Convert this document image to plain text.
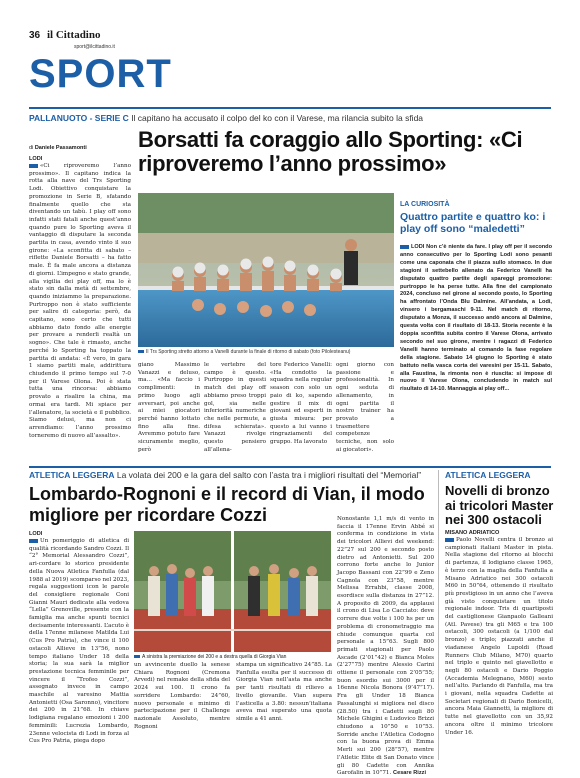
36 il Cittadino
sport@ilcittadino.it
SPORT
PALLANUOTO - SERIE C Il capitano ha accusato il colpo del ko con il Varese, ma rilancia subito la sfida
di Daniele Passamonti Borsatti fa coraggio allo Sporting: «Ci riproveremo l’anno prossimo»
LODI
«Ci riproveremo l’anno prossimo». Il capitano indica la rotta alla nave del Trs Sporting Lodi. Obiettivo conquistare la promozione in Serie B, sfatando finalmente quello che sta diventando un tabù. I play off sono infatti stati fatali anche quest’anno quando pure lo Sporting aveva il vantaggio di disputare la seconda partita in casa, avendo vinto il suo girone: «La sconfitta di sabato – riflette Daniele Borsatti – ha fatto male. È fa male ancora a distanza di giorni. L’impegno e stato grande, alla vigilia dei play off, ma lo è stato sin dalla metà di settembre, quando iniziammo la preparazione. Purtroppo non è stato sufficiente per salire di categoria: però, da capitano, sono certo che tutti abbiamo dato fondo alle energie per provare a renderli realtà un sogno». Che tale è rimasto, anche perché lo Sporting ha toppato la partita di andata: «È vero, in gara 1 siamo partiti male, addirittura chiudendo il primo tempo sul 7-0 per il Varese Olona. Poi è stata tutta una rincorsa: abbiamo provato a risalire la china, ma ormai era tardi. Mi spiace per l’allenatore, la società e il pubblico. Siamo delusi, ma non ci arrendiamo: l’anno prossimo torneremo di nuovo all’assalto».
Il Trs Sporting stretto attorno a Vanelli durante la finale di ritorno di sabato (foto Pilolesteanu)
giano Massimo Vanazzi e deluso, ma... «Ma faccio i complimenti: in primo luogo agli avversari, poi anche ai miei giocatori perché hanno lottato fino alla fine. Avremmo potuto fare sicuramente meglio, però
le vertebre del campo è questo. Purtroppo in questi match dei play off abbiamo preso troppi gol, sia nelle inferiorità numeriche che nelle permute, a difesa schierata». Vanazzi rivolge questo pensiero all’allena-
tore Federico Vanelli: «Ha condotto la squadra nella regular season con solo un paio di ko, sapendo gestire il mix di giovani ed esperti in giusta misura: per questo a lui vanno i ringraziamenti del gruppo. Ha lavorato
ogni giorno con passione e professionalità. In ogni seduta di allenamento, in ogni partita il nostro trainer ha provato a trasmettere competenze tecniche, non solo ai giocatori».
LA CURIOSITÀ
Quattro partite e quattro ko: i play off sono “maledetti”
LODI Non c’è niente da fare. I play off per il secondo anno consecutivo per lo Sporting Lodi sono pesanti come una caponata che il piazza sullo stomaco. In due stagioni il settebello allenato da Federico Vanelli ha disputato quattro partite degli spareggi promozione: purtroppo le ha perse tutte. Alla fine del campionato 2024, concluso nel girone al secondo posto, lo Sporting ha affrontato l’Onda Blu Dalmine. All’andata, a Lodi, vinsero i bergamaschi 9-11. Nel match di ritorno, disputato a Monza, il successo andò ancora al Dalmine, questa volta con il risultato di 18-13. Storia recente è la doppia sconfitta subita contro il Varese Olona, arrivato secondo nel suo girone, mentre i ragazzi di Federico Vanelli hanno terminato al comando la fase regolare della stagione. Sabato 14 giugno lo Sporting è stato battuto nella vasca corta dei varesini per 15-11. Sabato, alla Faustina, la rimonta non è riuscita: si impose di nuovo il Varese Olona, concludendo in match sul risultato di 14-10. Mannaggia ai play off...
ATLETICA LEGGERA La volata dei 200 e la gara del salto con l’asta tra i migliori risultati del “Memorial”
Lombardo-Rognoni e il record di Vian, il modo migliore per ricordare Cozzi
LODI
Un pomeriggio di atletica di qualità ricordando Sandro Cozzi. Il “2° Memorial Alessandro Cozzi”, ari-cordare lo storico presidente della Nuova Atletica Fanfulla (dal 1988 al 2019) scomparso nel 2023, regala suggestioni icon le parole del consigliere regionale Coni Gianni Mauri dedicate alla vedova “Lella” Grenoville, presente con la famiglia ma anche spunti tecnici decisamente interessanti. L’acuto è della 17enne milanese Matilda Lui (Cus Pro Patria), che vince il 100 ostacoli Allieve in 13”56, nono tempo italiano Under 18 della storia; la sua sarà la miglior prestazione tecnica femminile per vincere il “Trofeo Cozzi”, assegnato invece in campo maschile al varesino Mattia Antonietti (Osa Saronno), vincitore dei 200 in 21”68. In chiave lodigiana regalano emozioni i 200 femminili: Lucrezia Lombardo, 23enne velocista di Lodi in forza al Cus Pro Patria, piega dopo
A sinistra la premiazione dei 200 e a destra quella di Giorgia Vian
un avvincente duello la senese Chiara Rognoni (Cremona Arvedi) nel remake della sfida del 2024 sui 100. Il crono fa sorridere Lombardo: 24”60, nuovo personale e minimo di partecipazione per il Challenge nazionale Assoluto, mentre Rognoni
stampa un significativo 24”85. La Fanfulla esulta per il successo di Giorgia Vian nell’asta ma anche per tanti risultati di rilievo a livello giovanile. Vian supera l’asticella a 3.80: nessun’italiana aveva mai superato una quota simile a 41 anni.
Nonostante 1,1 m/s di vento in faccia il 17enne Ervin Abbé si conferma in condizione in vista dei tricolori Allievi del weekend: 22”27 sul 200 e secondo posto dietro ad Antonietti. Sul 200 corrono forte anche lo Junior Jacopo Bassani con 22”99 e Zeno Cagnola con 23”58, mentre Melissa Errahbi, classe 2008, esordisce sulla distanza in 27”12. A proposito di 2009, da applausi il crono di Lisa Lo Cacciato: deve correre due volte i 100 hs per un problema di cronometraggio ma chiude comunque quarta col personale a 15”63. Sugli 800 primati stagionali per Paolo Ascade (2’01”42) e Bianca Moles (2’27”75) mentre Alessio Carini ottiene il personale con 2’05”55; buon esordio sui 3000 per il 16enne Nicola Bonora (9’47”17). Fra gli Under 18 Bianca Passalunghi si migliora nel disco (28.50) tra i Cadetti sugli 80 Michele Ghigini e Ludovico Brizzi chiudono a 10”50 e 10”53. Sorride anche l’Atletica Codogno con la buona prova di Emma Merli sui 200 (28”57), mentre l’Atletic Elite di San Donato vince gli 80 Cadette con Annika Garofalin in 10”71. Cesare Rizzi
ATLETICA LEGGERA
Novelli di bronzo ai tricolori Master nei 300 ostacoli
MISANO ADRIATICO
Paolo Novelli centra il bronzo ai campionati italiani Master in pista. Nella stagione del ritorno ai blocchi di partenza, il lodigiano classe 1965, è terzo con la maglia della Fanfulla a Misano Adriatico nei 300 ostacoli M60 in 50”64, ottenendo il risultato più prestigioso in un anno che l’aveva già visto conquistare un titolo regionale indoor. Tris di quartiposti del castiglionese Gianpaolo Galleani (Atl. Pavese) tra gli M65 e tra 100 ostacoli, 300 ostacoli (a 1/100 dal bronzo) e triplo; piazzati anche il viadanese Angelo Lupoldi (Road Runners Club Milano, M70) quarto nel triplo e quinto nel giavellotto e negli 80 ostacoli e Dario Poggio (Accademia Melegnano, M60) sesto nell’alto. Parlando di Fanfulla, ma tra i giovani, nella squadra Cadette ai Societari regionali di Dario Bonicelli, ancora Maia Giannetti, la migliore di tutte nel giavellotto con un 35,92 ancora oltre il minimo tricolore Under 16.
